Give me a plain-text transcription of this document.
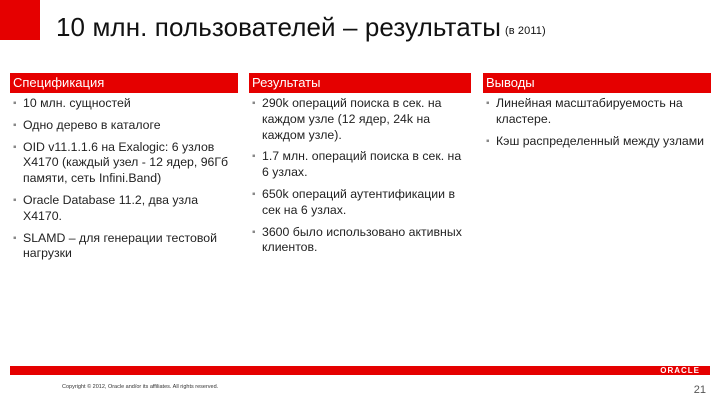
10 млн. пользователей – результаты (в 2011)
Спецификация
▪ 10 млн. сущностей
▪ Одно дерево в каталоге
▪ OID v11.1.1.6 на Exalogic: 6 узлов X4170 (каждый узел - 12 ядер, 96Гб памяти, сеть Infini.Band)
▪ Oracle Database 11.2, два узла X4170.
▪ SLAMD – для генерации тестовой нагрузки
Результаты
▪ 290k операций поиска в сек. на каждом узле (12 ядер, 24k на каждом узле).
▪ 1.7 млн. операций поиска в сек. на 6 узлах.
▪ 650k операций аутентификации в сек на 6 узлах.
▪ 3600 было использовано активных клиентов.
Выводы
▪ Линейная масштабируемость на кластере.
▪ Кэш распределенный между узлами
ORACLE
Copyright © 2012, Oracle and/or its affiliates. All rights reserved.	21
